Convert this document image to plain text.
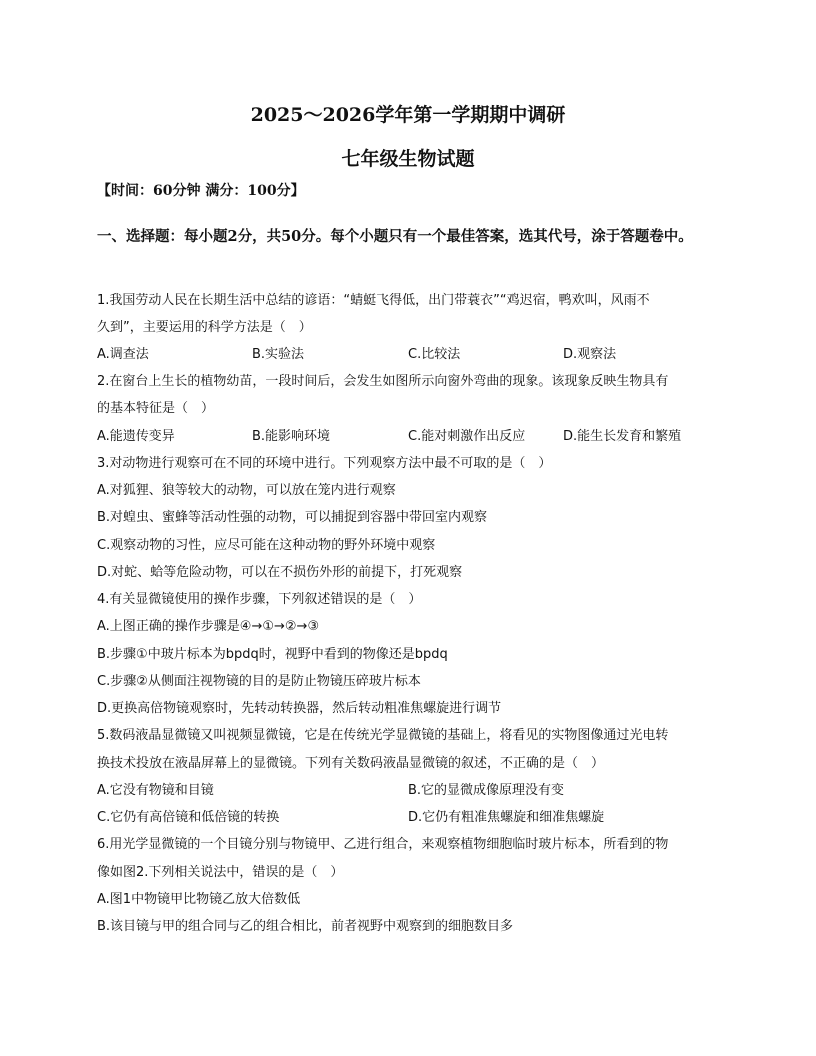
2025～2026学年第一学期期中调研
七年级生物试题
【时间：60分钟 满分：100分】
一、选择题：每小题2分，共50分。每个小题只有一个最佳答案，选其代号，涂于答题卷中。
1.我国劳动人民在长期生活中总结的谚语：“蜻蜓飞得低，出门带蓑衣”“鸡迟宿，鸭欢叫，风雨不
久到”，主要运用的科学方法是（　）
A.调查法	B.实验法	C.比较法	D.观察法
2.在窗台上生长的植物幼苗，一段时间后，会发生如图所示向窗外弯曲的现象。该现象反映生物具有
的基本特征是（　）
A.能遗传变异	B.能影响环境	C.能对刺激作出反应	D.能生长发育和繁殖
3.对动物进行观察可在不同的环境中进行。下列观察方法中最不可取的是（　）
A.对狐狸、狼等较大的动物，可以放在笼内进行观察
B.对蝗虫、蜜蜂等活动性强的动物，可以捕捉到容器中带回室内观察
C.观察动物的习性，应尽可能在这种动物的野外环境中观察
D.对蛇、蛤等危险动物，可以在不损伤外形的前提下，打死观察
4.有关显微镜使用的操作步骤，下列叙述错误的是（　）
A.上图正确的操作步骤是④→①→②→③
B.步骤①中玻片标本为bpdq时，视野中看到的物像还是bpdq
C.步骤②从侧面注视物镜的目的是防止物镜压碎玻片标本
D.更换高倍物镜观察时，先转动转换器，然后转动粗准焦螺旋进行调节
5.数码液晶显微镜又叫视频显微镜，它是在传统光学显微镜的基础上，将看见的实物图像通过光电转
换技术投放在液晶屏幕上的显微镜。下列有关数码液晶显微镜的叙述，不正确的是（　）
A.它没有物镜和目镜	B.它的显微成像原理没有变
C.它仍有高倍镜和低倍镜的转换	D.它仍有粗准焦螺旋和细准焦螺旋
6.用光学显微镜的一个目镜分别与物镜甲、乙进行组合，来观察植物细胞临时玻片标本，所看到的物
像如图2.下列相关说法中，错误的是（　）
A.图1中物镜甲比物镜乙放大倍数低
B.该目镜与甲的组合同与乙的组合相比，前者视野中观察到的细胞数目多
